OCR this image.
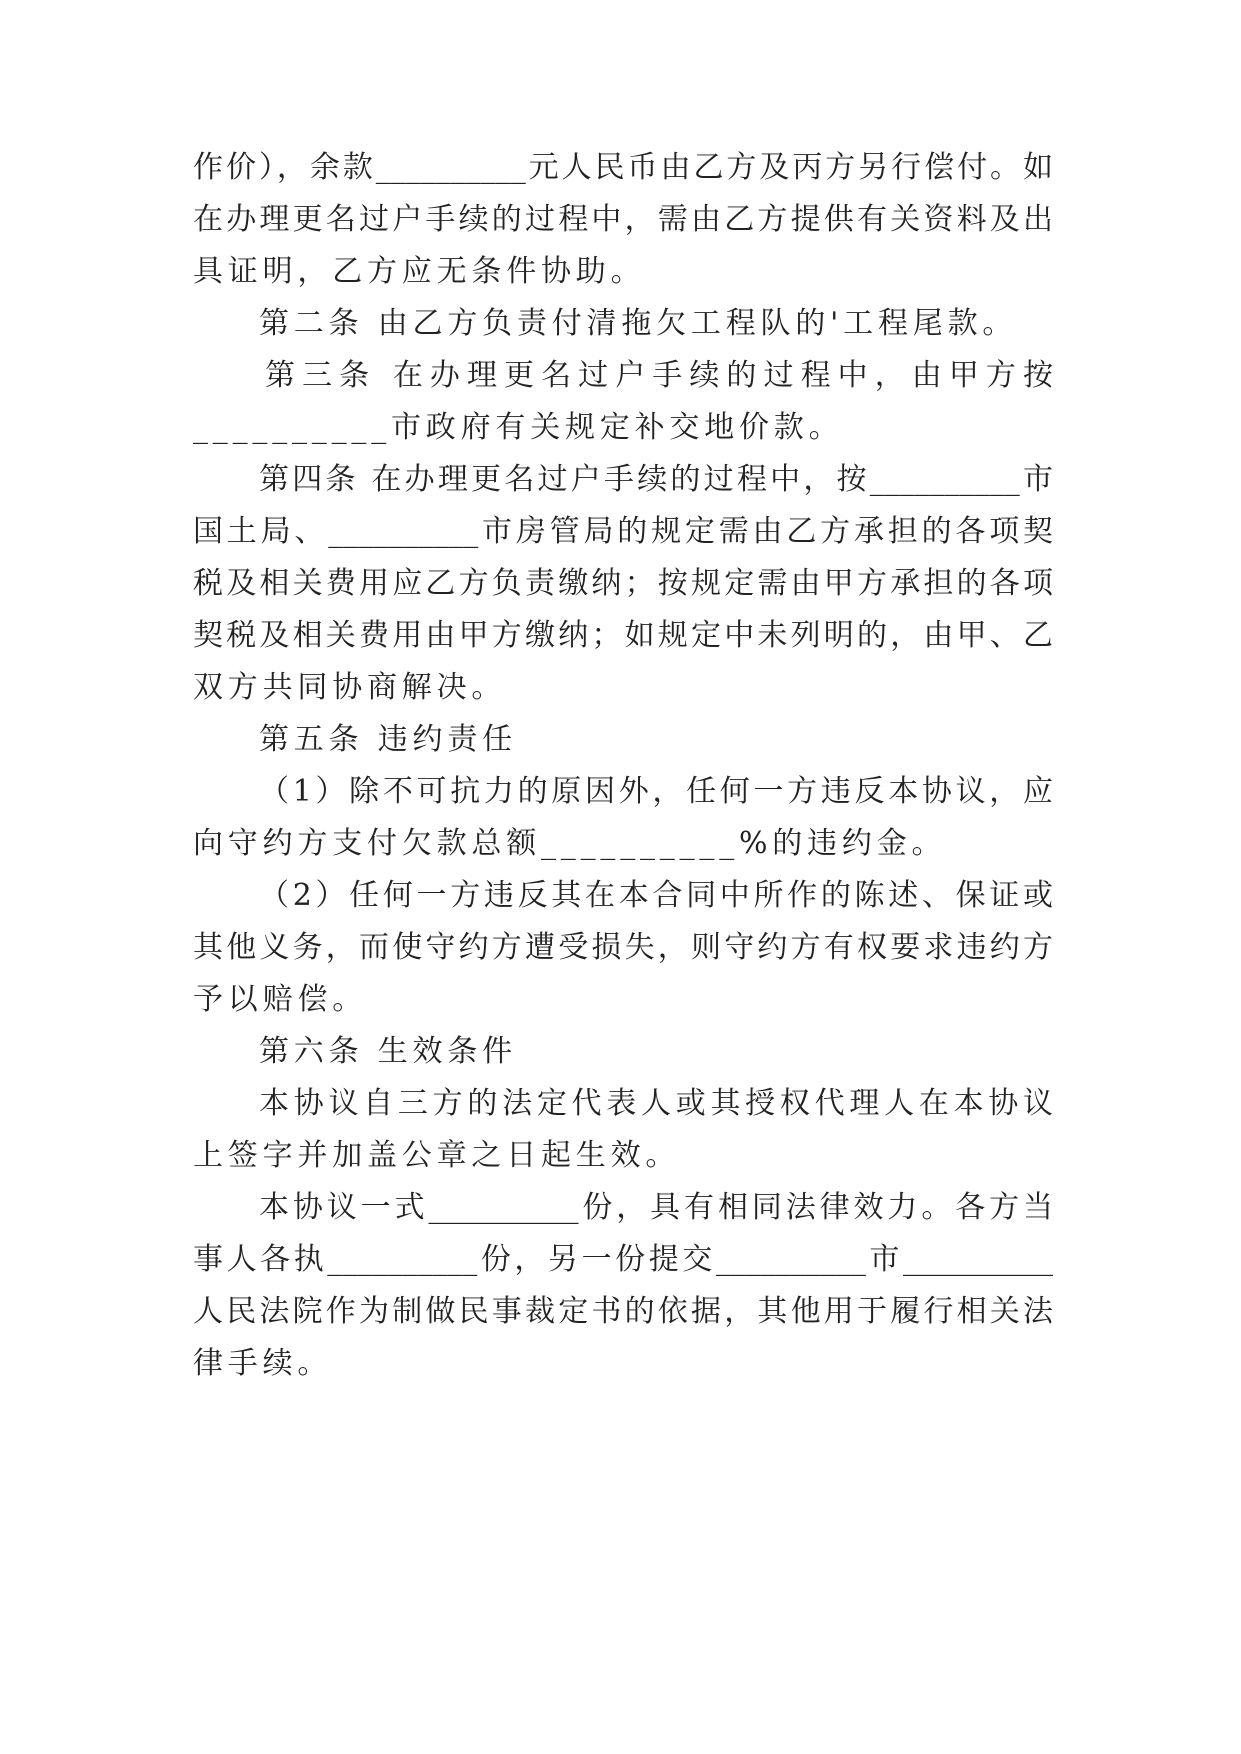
作价），余款__________元人民币由乙方及丙方另行偿付。如
在办理更名过户手续的过程中，需由乙方提供有关资料及出
具证明，乙方应无条件协助。
第二条 由乙方负责付清拖欠工程队的'工程尾款。
第三条 在办理更名过户手续的过程中，由甲方按
__________市政府有关规定补交地价款。
第四条 在办理更名过户手续的过程中，按__________市
国土局、__________市房管局的规定需由乙方承担的各项契
税及相关费用应乙方负责缴纳；按规定需由甲方承担的各项
契税及相关费用由甲方缴纳；如规定中未列明的，由甲、乙
双方共同协商解决。
第五条 违约责任
（1）除不可抗力的原因外，任何一方违反本协议，应
向守约方支付欠款总额__________%的违约金。
（2）任何一方违反其在本合同中所作的陈述、保证或
其他义务，而使守约方遭受损失，则守约方有权要求违约方
予以赔偿。
第六条 生效条件
本协议自三方的法定代表人或其授权代理人在本协议
上签字并加盖公章之日起生效。
本协议一式__________份，具有相同法律效力。各方当
事人各执__________份，另一份提交__________市__________
人民法院作为制做民事裁定书的依据，其他用于履行相关法
律手续。
